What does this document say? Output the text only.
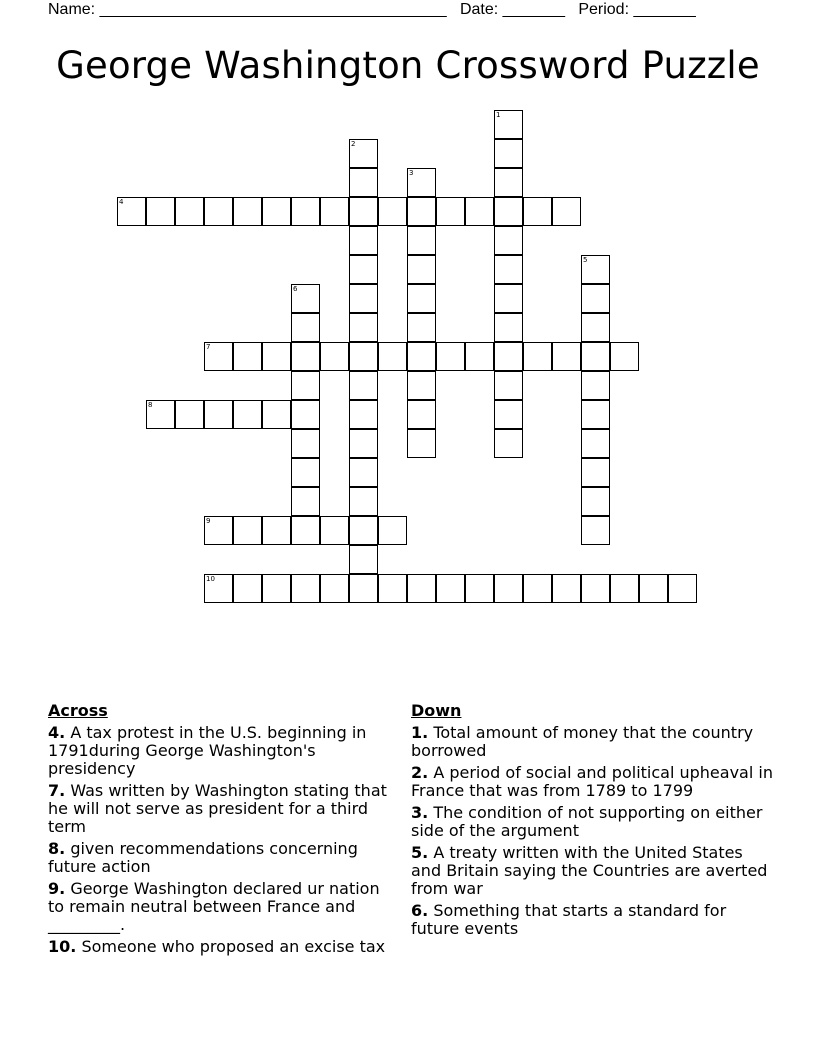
Name: _______________________________________ Date: _______ Period: _______
George Washington Crossword Puzzle
1
2
3
4
5
6
7
8
9
10
Across
4. A tax protest in the U.S. beginning in 1791during George Washington's presidency
7. Was written by Washington stating that he will not serve as president for a third term
8. given recommendations concerning future action
9. George Washington declared ur nation to remain neutral between France and _________.
10. Someone who proposed an excise tax
Down
1. Total amount of money that the country borrowed
2. A period of social and political upheaval in France that was from 1789 to 1799
3. The condition of not supporting on either side of the argument
5. A treaty written with the United States and Britain saying the Countries are averted from war
6. Something that starts a standard for future events
